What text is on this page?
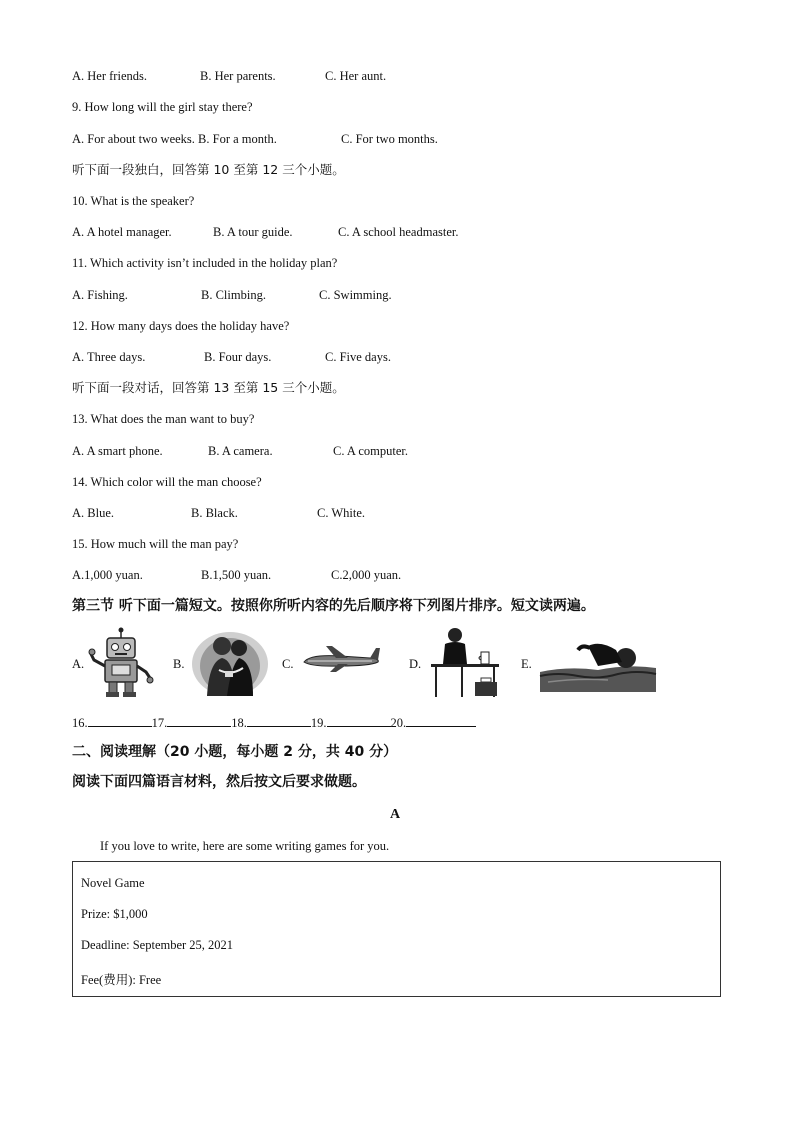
A. Her friends.	B. Her parents.	C. Her aunt.
9. How long will the girl stay there?
A. For about two weeks. B. For a month.	C. For two months.
听下面一段独白，回答第 10 至第 12 三个小题。
10. What is the speaker?
A. A hotel manager.	B. A tour guide.	C. A school headmaster.
11. Which activity isn’t included in the holiday plan?
A. Fishing.	B. Climbing.	C. Swimming.
12. How many days does the holiday have?
A. Three days.	B. Four days.	C. Five days.
听下面一段对话，回答第 13 至第 15 三个小题。
13. What does the man want to buy?
A. A smart phone.	B. A camera.	C. A computer.
14. Which color will the man choose?
A. Blue.	B. Black.	C. White.
15. How much will the man pay?
A.1,000 yuan.	B.1,500 yuan.	C.2,000 yuan.
第三节 听下面一篇短文。按照你所听内容的先后顺序将下列图片排序。短文读两遍。
A.	B.	C.	D.	E.
16.	17.	18.	19.	20.
二、阅读理解（20 小题，每小题 2 分，共 40 分）
阅读下面四篇语言材料，然后按文后要求做题。
A
If you love to write, here are some writing games for you.
Novel Game
Prize: $1,000
Deadline: September 25, 2021
Fee(费用): Free
